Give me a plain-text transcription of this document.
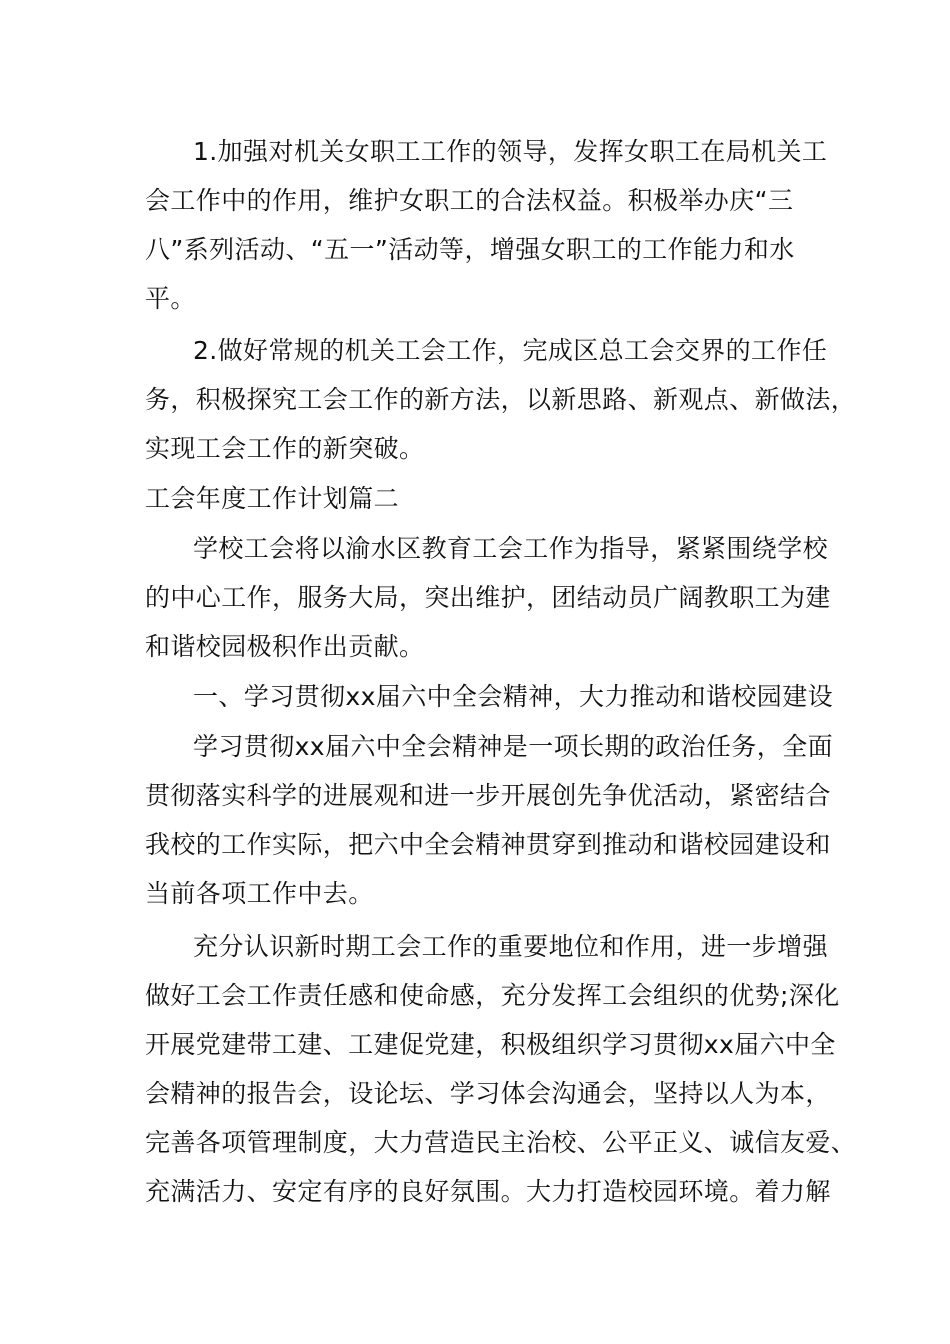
1.加强对机关女职工工作的领导，发挥女职工在局机关工
会工作中的作用，维护女职工的合法权益。积极举办庆“三
八”系列活动、“五一”活动等，增强女职工的工作能力和水
平。
2.做好常规的机关工会工作，完成区总工会交界的工作任
务，积极探究工会工作的新方法，以新思路、新观点、新做法，
实现工会工作的新突破。
工会年度工作计划篇二
学校工会将以渝水区教育工会工作为指导，紧紧围绕学校
的中心工作，服务大局，突出维护，团结动员广阔教职工为建
和谐校园极积作出贡献。
一、学习贯彻xx届六中全会精神，大力推动和谐校园建设
学习贯彻xx届六中全会精神是一项长期的政治任务，全面
贯彻落实科学的进展观和进一步开展创先争优活动，紧密结合
我校的工作实际，把六中全会精神贯穿到推动和谐校园建设和
当前各项工作中去。
充分认识新时期工会工作的重要地位和作用，进一步增强
做好工会工作责任感和使命感，充分发挥工会组织的优势;深化
开展党建带工建、工建促党建，积极组织学习贯彻xx届六中全
会精神的报告会，设论坛、学习体会沟通会，坚持以人为本，
完善各项管理制度，大力营造民主治校、公平正义、诚信友爱、
充满活力、安定有序的良好氛围。大力打造校园环境。着力解
